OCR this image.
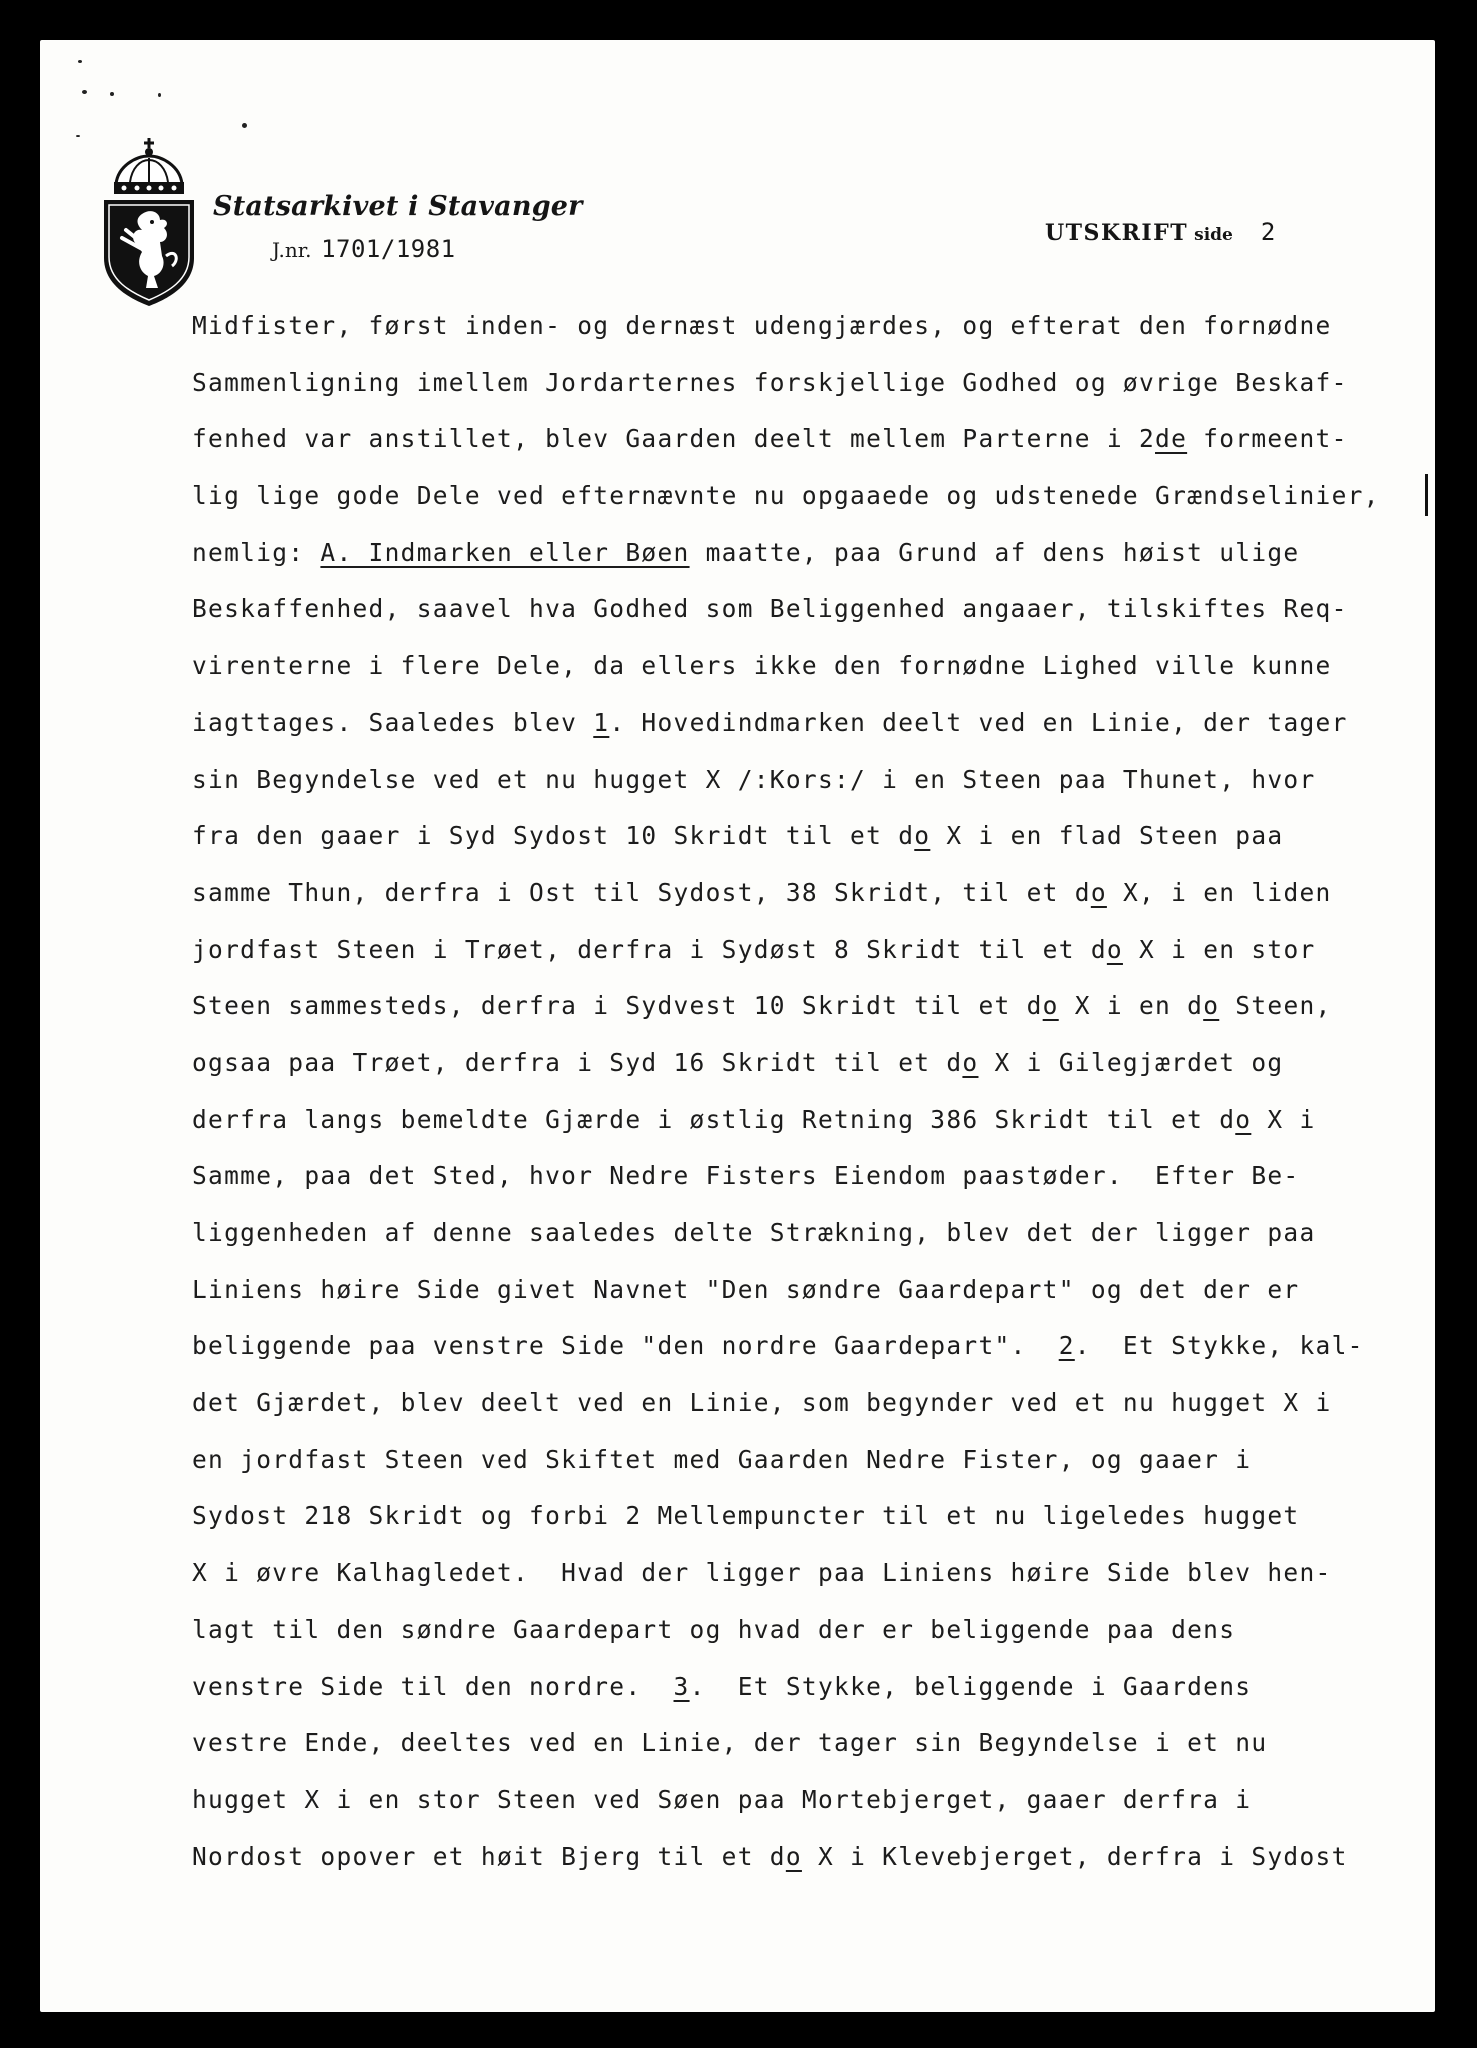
Statsarkivet i Stavanger
J.nr. 1701/1981
UTSKRIFT side 2
Midfister, først inden- og dernæst udengjærdes, og efterat den fornødne
Sammenligning imellem Jordarternes forskjellige Godhed og øvrige Beskaf-
fenhed var anstillet, blev Gaarden deelt mellem Parterne i 2de formeent-
lig lige gode Dele ved efternævnte nu opgaaede og udstenede Grændselinier,
nemlig: A. Indmarken eller Bøen maatte, paa Grund af dens høist ulige
Beskaffenhed, saavel hva Godhed som Beliggenhed angaaer, tilskiftes Req-
virenterne i flere Dele, da ellers ikke den fornødne Lighed ville kunne
iagttages. Saaledes blev 1. Hovedindmarken deelt ved en Linie, der tager
sin Begyndelse ved et nu hugget X /:Kors:/ i en Steen paa Thunet, hvor
fra den gaaer i Syd Sydost 10 Skridt til et do X i en flad Steen paa
samme Thun, derfra i Ost til Sydost, 38 Skridt, til et do X, i en liden
jordfast Steen i Trøet, derfra i Sydøst 8 Skridt til et do X i en stor
Steen sammesteds, derfra i Sydvest 10 Skridt til et do X i en do Steen,
ogsaa paa Trøet, derfra i Syd 16 Skridt til et do X i Gilegjærdet og
derfra langs bemeldte Gjærde i østlig Retning 386 Skridt til et do X i
Samme, paa det Sted, hvor Nedre Fisters Eiendom paastøder.  Efter Be-
liggenheden af denne saaledes delte Strækning, blev det der ligger paa
Liniens høire Side givet Navnet "Den søndre Gaardepart" og det der er
beliggende paa venstre Side "den nordre Gaardepart".  2.  Et Stykke, kal-
det Gjærdet, blev deelt ved en Linie, som begynder ved et nu hugget X i
en jordfast Steen ved Skiftet med Gaarden Nedre Fister, og gaaer i
Sydost 218 Skridt og forbi 2 Mellempuncter til et nu ligeledes hugget
X i øvre Kalhagledet.  Hvad der ligger paa Liniens høire Side blev hen-
lagt til den søndre Gaardepart og hvad der er beliggende paa dens
venstre Side til den nordre.  3.  Et Stykke, beliggende i Gaardens
vestre Ende, deeltes ved en Linie, der tager sin Begyndelse i et nu
hugget X i en stor Steen ved Søen paa Mortebjerget, gaaer derfra i
Nordost opover et høit Bjerg til et do X i Klevebjerget, derfra i Sydost
